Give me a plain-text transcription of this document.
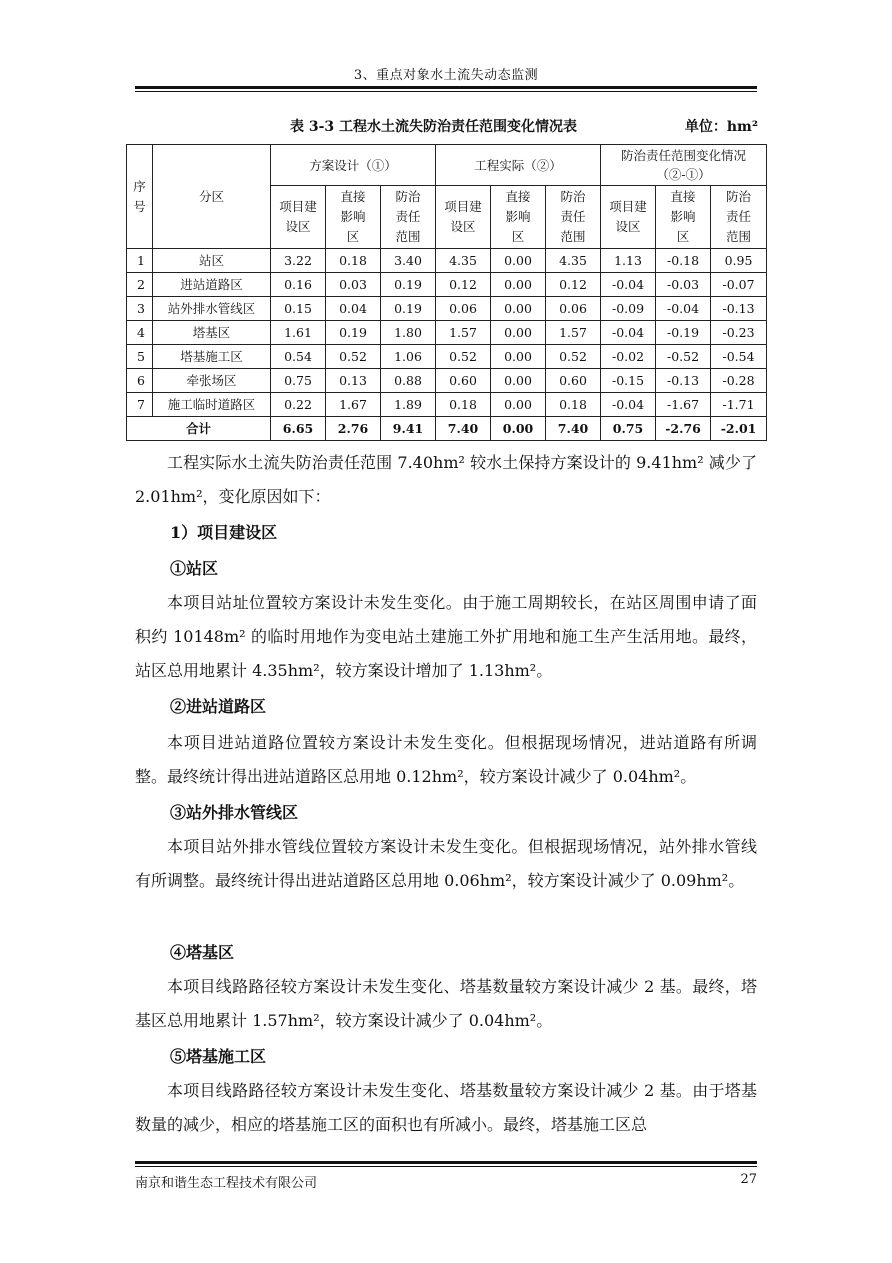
3、重点对象水土流失动态监测
表 3-3 工程水土流失防治责任范围变化情况表	单位：hm²
序号	分区	方案设计（①）			工程实际（②）			防治责任范围变化情况
（②-①）		
		项目建设区	直接影响区	防治责任范围	项目建设区	直接影响区	防治责任范围	项目建设区	直接影响区	防治责任范围
1	站区	3.22	0.18	3.40	4.35	0.00	4.35	1.13	-0.18	0.95
2	进站道路区	0.16	0.03	0.19	0.12	0.00	0.12	-0.04	-0.03	-0.07
3	站外排水管线区	0.15	0.04	0.19	0.06	0.00	0.06	-0.09	-0.04	-0.13
4	塔基区	1.61	0.19	1.80	1.57	0.00	1.57	-0.04	-0.19	-0.23
5	塔基施工区	0.54	0.52	1.06	0.52	0.00	0.52	-0.02	-0.52	-0.54
6	牵张场区	0.75	0.13	0.88	0.60	0.00	0.60	-0.15	-0.13	-0.28
7	施工临时道路区	0.22	1.67	1.89	0.18	0.00	0.18	-0.04	-1.67	-1.71
合计		6.65	2.76	9.41	7.40	0.00	7.40	0.75	-2.76	-2.01
工程实际水土流失防治责任范围 7.40hm² 较水土保持方案设计的 9.41hm² 减少了 2.01hm²，变化原因如下：
1）项目建设区
①站区
本项目站址位置较方案设计未发生变化。由于施工周期较长，在站区周围申请了面积约 10148m² 的临时用地作为变电站土建施工外扩用地和施工生产生活用地。最终，站区总用地累计 4.35hm²，较方案设计增加了 1.13hm²。
②进站道路区
本项目进站道路位置较方案设计未发生变化。但根据现场情况，进站道路有所调整。最终统计得出进站道路区总用地 0.12hm²，较方案设计减少了 0.04hm²。
③站外排水管线区
本项目站外排水管线位置较方案设计未发生变化。但根据现场情况，站外排水管线有所调整。最终统计得出进站道路区总用地 0.06hm²，较方案设计减少了 0.09hm²。
④塔基区
本项目线路路径较方案设计未发生变化、塔基数量较方案设计减少 2 基。最终，塔基区总用地累计 1.57hm²，较方案设计减少了 0.04hm²。
⑤塔基施工区
本项目线路路径较方案设计未发生变化、塔基数量较方案设计减少 2 基。由于塔基数量的减少，相应的塔基施工区的面积也有所减小。最终，塔基施工区总
南京和谐生态工程技术有限公司	27
